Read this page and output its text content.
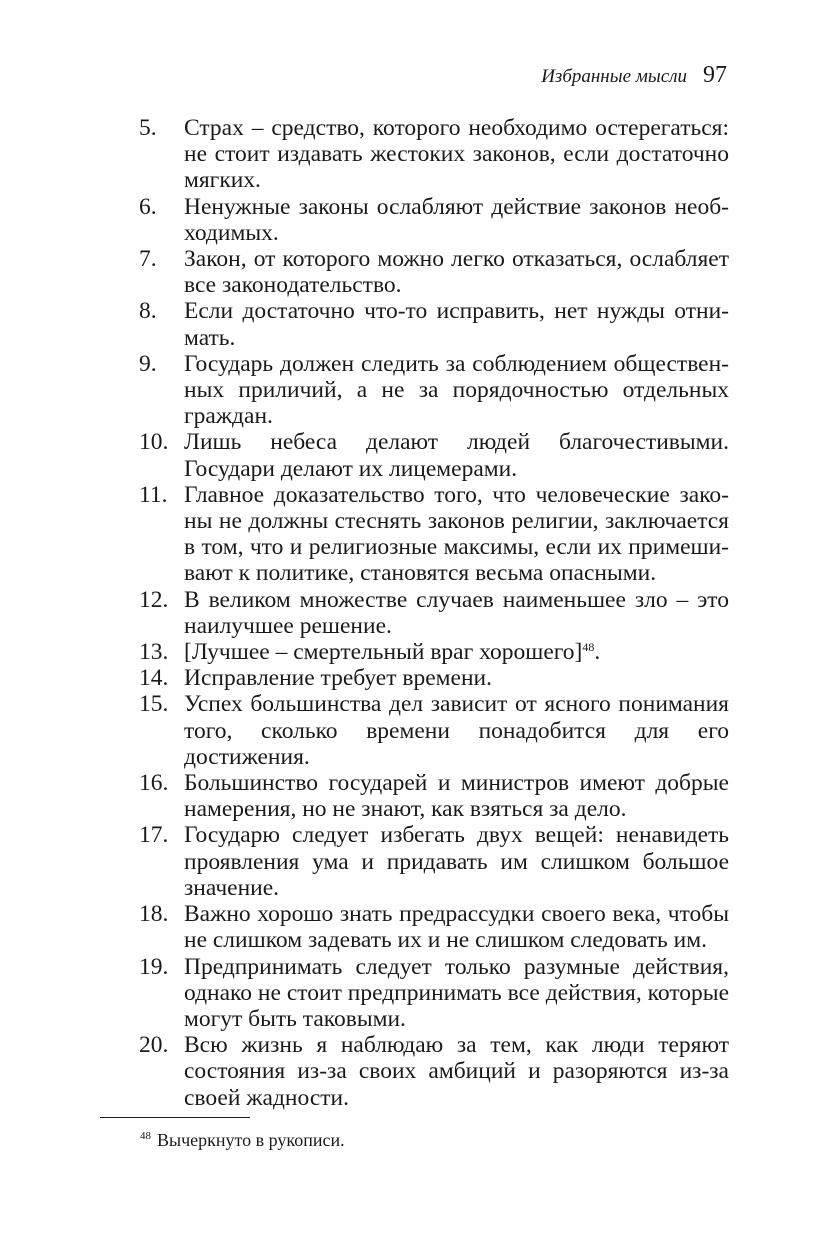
Избранные мысли 97
5.	Страх – средство, которого необходимо остерегаться: не стоит издавать жестоких законов, если достаточно мягких.
6.	Ненужные законы ослабляют действие законов необходимых.
7.	Закон, от которого можно легко отказаться, ослабляет все законодательство.
8.	Если достаточно что-то исправить, нет нужды отнимать.
9.	Государь должен следить за соблюдением общественных приличий, а не за порядочностью отдельных граждан.
10. Лишь небеса делают людей благочестивыми. Государи делают их лицемерами.
11. Главное доказательство того, что человеческие законы не должны стеснять законов религии, заключается в том, что и религиозные максимы, если их примешивают к политике, становятся весьма опасными.
12. В великом множестве случаев наименьшее зло – это наилучшее решение.
13. [Лучшее – смертельный враг хорошего]$^{48}$.
14. Исправление требует времени.
15. Успех большинства дел зависит от ясного понимания того, сколько времени понадобится для его достижения.
16. Большинство государей и министров имеют добрые намерения, но не знают, как взяться за дело.
17. Государю следует избегать двух вещей: ненавидеть проявления ума и придавать им слишком большое значение.
18. Важно хорошо знать предрассудки своего века, чтобы не слишком задевать их и не слишком следовать им.
19. Предпринимать следует только разумные действия, однако не стоит предпринимать все действия, которые могут быть таковыми.
20. Всю жизнь я наблюдаю за тем, как люди теряют состояния из-за своих амбиций и разоряются из-за своей жадности.
$^{48}$ Вычеркнуто в рукописи.
